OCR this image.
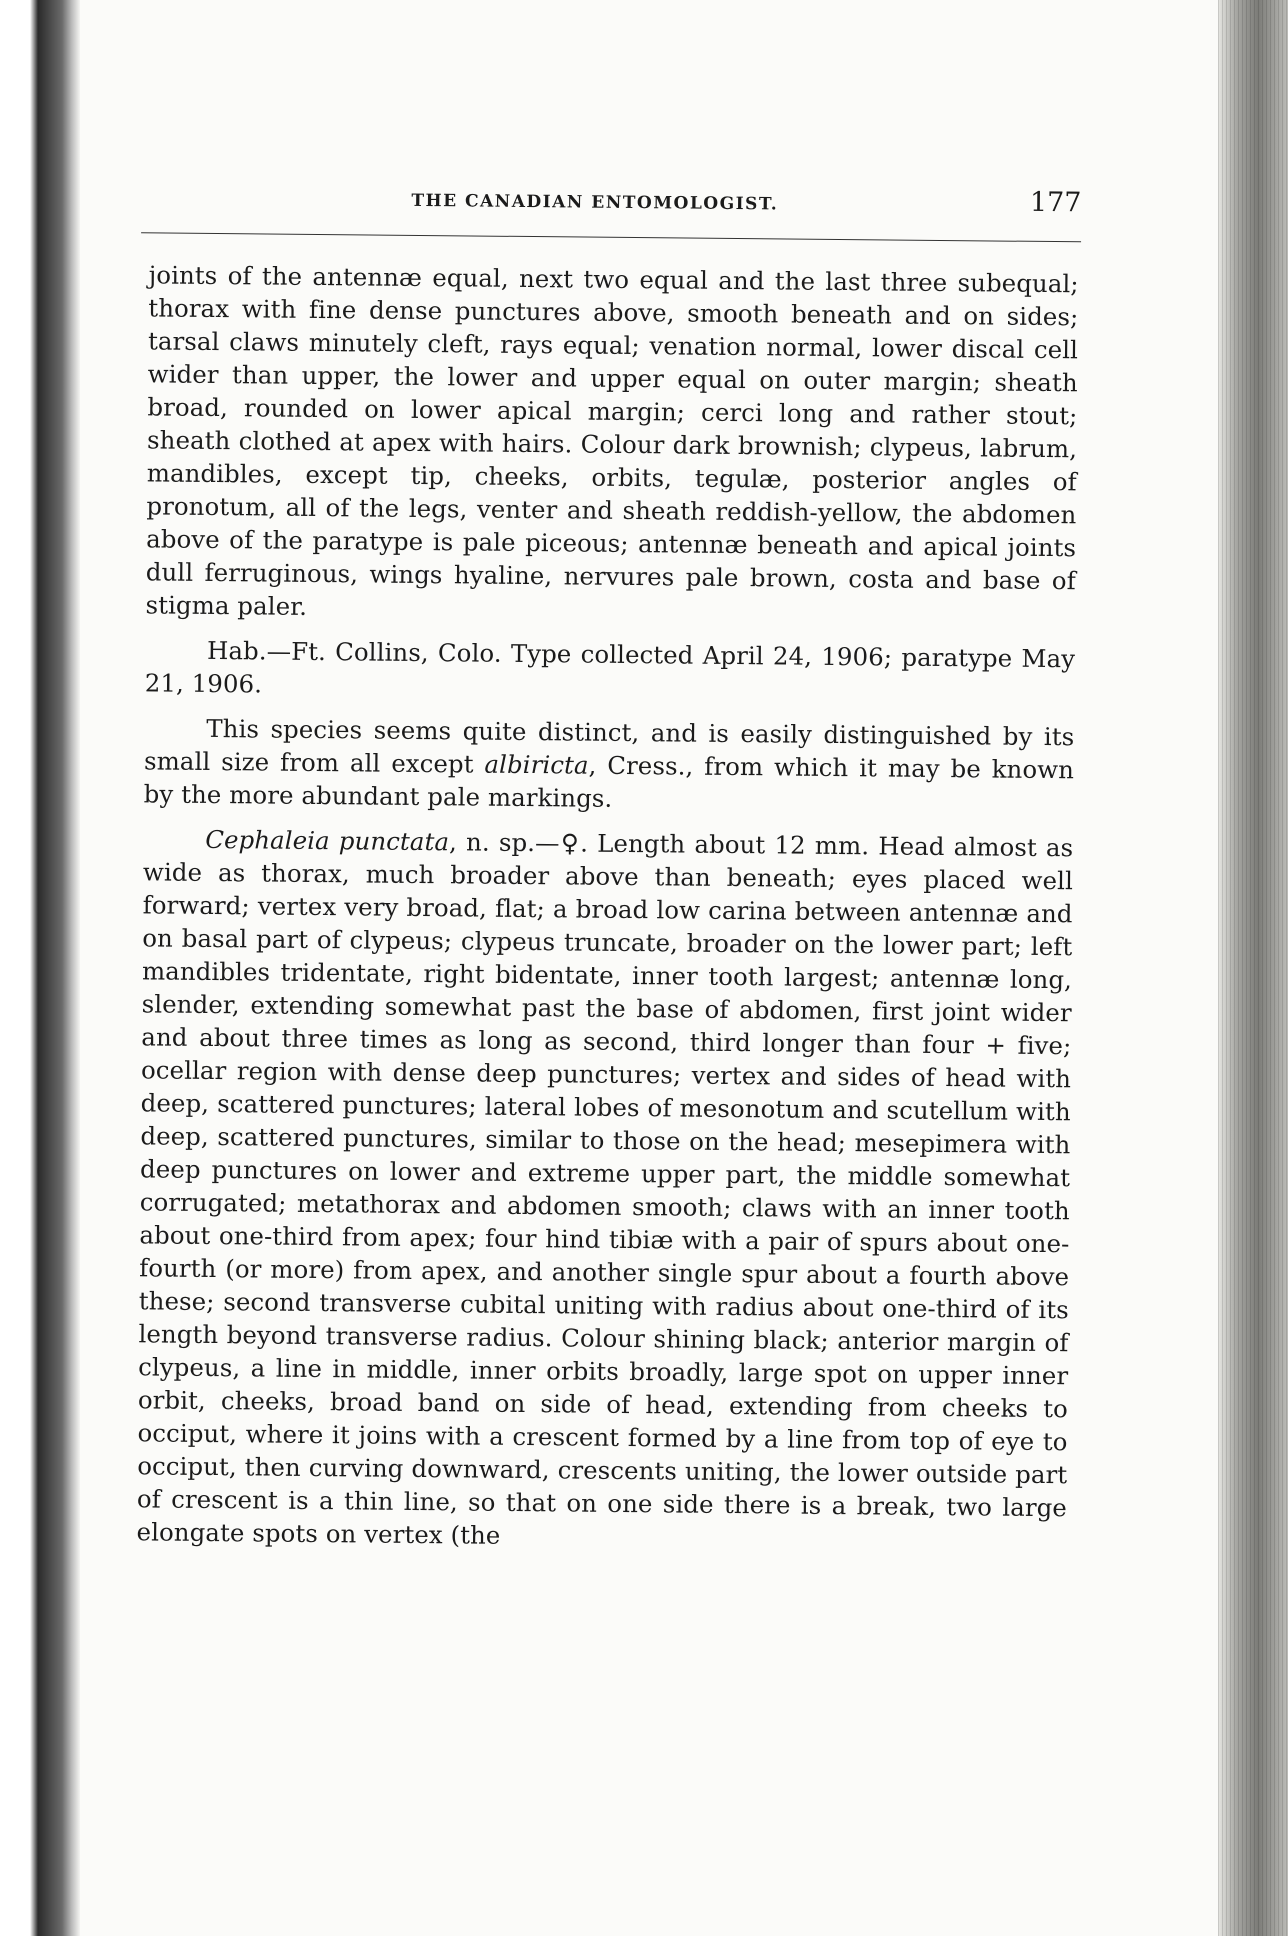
THE CANADIAN ENTOMOLOGIST.	177

joints of the antennæ equal, next two equal and the last three subequal; thorax with fine dense punctures above, smooth beneath and on sides; tarsal claws minutely cleft, rays equal; venation normal, lower discal cell wider than upper, the lower and upper equal on outer margin; sheath broad, rounded on lower apical margin; cerci long and rather stout; sheath clothed at apex with hairs. Colour dark brownish; clypeus, labrum, mandibles, except tip, cheeks, orbits, tegulæ, posterior angles of pronotum, all of the legs, venter and sheath reddish-yellow, the abdomen above of the paratype is pale piceous; antennæ beneath and apical joints dull ferruginous, wings hyaline, nervures pale brown, costa and base of stigma paler.

Hab.—Ft. Collins, Colo. Type collected April 24, 1906; paratype May 21, 1906.

This species seems quite distinct, and is easily distinguished by its small size from all except albiricta, Cress., from which it may be known by the more abundant pale markings.

Cephaleia punctata, n. sp.—♀. Length about 12 mm. Head almost as wide as thorax, much broader above than beneath; eyes placed well forward; vertex very broad, flat; a broad low carina between antennæ and on basal part of clypeus; clypeus truncate, broader on the lower part; left mandibles tridentate, right bidentate, inner tooth largest; antennæ long, slender, extending somewhat past the base of abdomen, first joint wider and about three times as long as second, third longer than four + five; ocellar region with dense deep punctures; vertex and sides of head with deep, scattered punctures; lateral lobes of mesonotum and scutellum with deep, scattered punctures, similar to those on the head; mesepimera with deep punctures on lower and extreme upper part, the middle somewhat corrugated; metathorax and abdomen smooth; claws with an inner tooth about one-third from apex; four hind tibiæ with a pair of spurs about one-fourth (or more) from apex, and another single spur about a fourth above these; second transverse cubital uniting with radius about one-third of its length beyond transverse radius. Colour shining black; anterior margin of clypeus, a line in middle, inner orbits broadly, large spot on upper inner orbit, cheeks, broad band on side of head, extending from cheeks to occiput, where it joins with a crescent formed by a line from top of eye to occiput, then curving downward, crescents uniting, the lower outside part of crescent is a thin line, so that on one side there is a break, two large elongate spots on vertex (the
